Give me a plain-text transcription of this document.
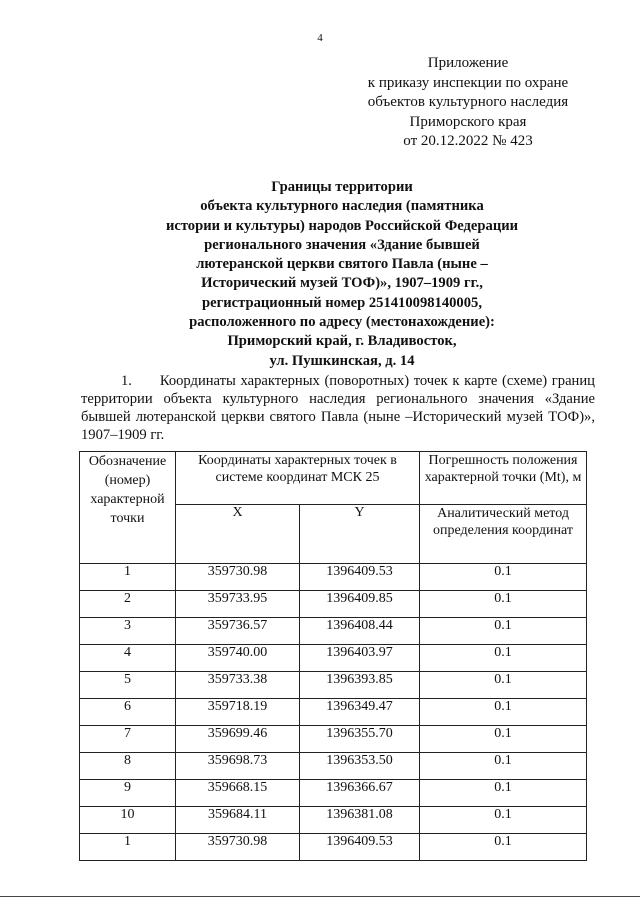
4
Приложение
к приказу инспекции по охране
объектов культурного наследия
Приморского края
от 20.12.2022 № 423
Границы территории
объекта культурного наследия (памятника
истории и культуры) народов Российской Федерации
регионального значения «Здание бывшей
лютеранской церкви святого Павла (ныне –
Исторический музей ТОФ)», 1907–1909 гг.,
регистрационный номер 251410098140005,
расположенного по адресу (местонахождение):
Приморский край, г. Владивосток,
ул. Пушкинская, д. 14
1. Координаты характерных (поворотных) точек к карте (схеме) границ территории объекта культурного наследия регионального значения «Здание бывшей лютеранской церкви святого Павла (ныне –Исторический музей ТОФ)», 1907–1909 гг.
Обозначение (номер) характерной точки	Координаты характерных точек в системе координат МСК 25		Погрешность положения характерной точки (Mt), м
	X	Y	Аналитический метод определения координат
1	359730.98	1396409.53	0.1
2	359733.95	1396409.85	0.1
3	359736.57	1396408.44	0.1
4	359740.00	1396403.97	0.1
5	359733.38	1396393.85	0.1
6	359718.19	1396349.47	0.1
7	359699.46	1396355.70	0.1
8	359698.73	1396353.50	0.1
9	359668.15	1396366.67	0.1
10	359684.11	1396381.08	0.1
1	359730.98	1396409.53	0.1
